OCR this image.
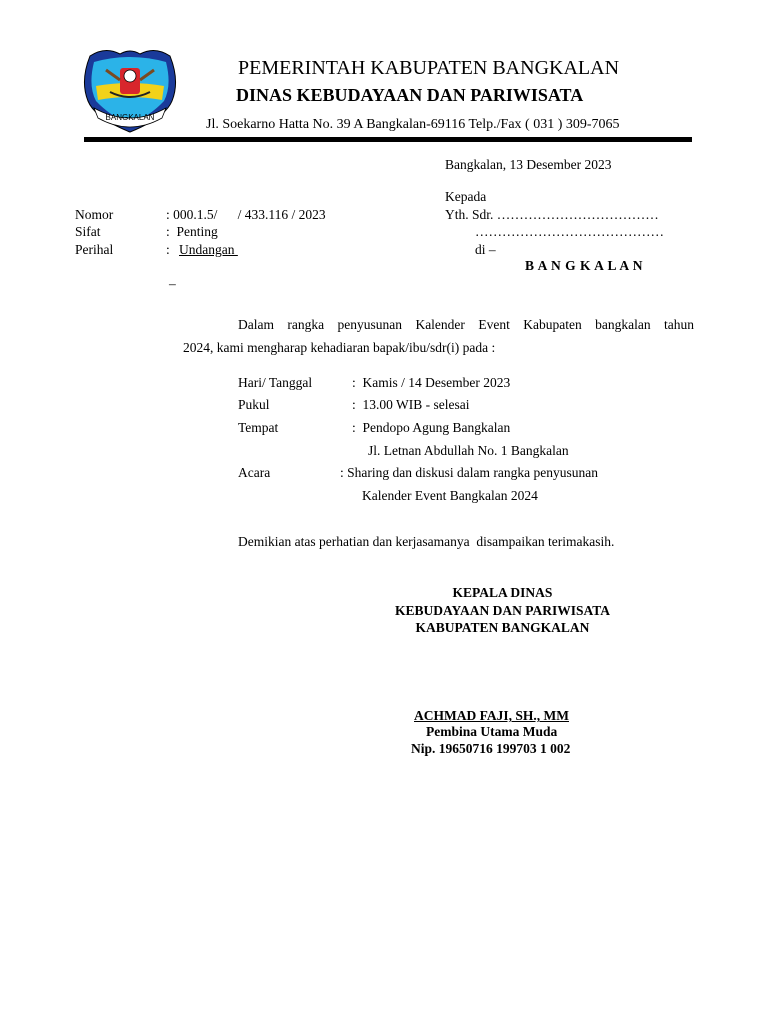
BANGKALAN
PEMERINTAH KABUPATEN BANGKALAN
DINAS KEBUDAYAAN DAN PARIWISATA
Jl. Soekarno Hatta No. 39 A Bangkalan-69116 Telp./Fax ( 031 ) 309-7065
Bangkalan, 13 Desember 2023
Kepada
Yth. Sdr. ………………………………
……………………………………
di –
B A N G K A L A N
Nomor	: 000.1.5/      / 433.116 / 2023
Sifat	:  Penting
Perihal	: Undangan
–
Dalam rangka penyusunan Kalender Event Kabupaten bangkalan tahun
2024, kami mengharap kehadiaran bapak/ibu/sdr(i) pada :
Hari/ Tanggal	:  Kamis / 14 Desember 2023
Pukul	:  13.00 WIB - selesai
Tempat	:  Pendopo Agung Bangkalan
Jl. Letnan Abdullah No. 1 Bangkalan
Acara	: Sharing dan diskusi dalam rangka penyusunan
Kalender Event Bangkalan 2024
Demikian atas perhatian dan kerjasamanya  disampaikan terimakasih.
KEPALA DINAS
KEBUDAYAAN DAN PARIWISATA
KABUPATEN BANGKALAN
ACHMAD FAJI, SH., MM
Pembina Utama Muda
Nip. 19650716 199703 1 002
